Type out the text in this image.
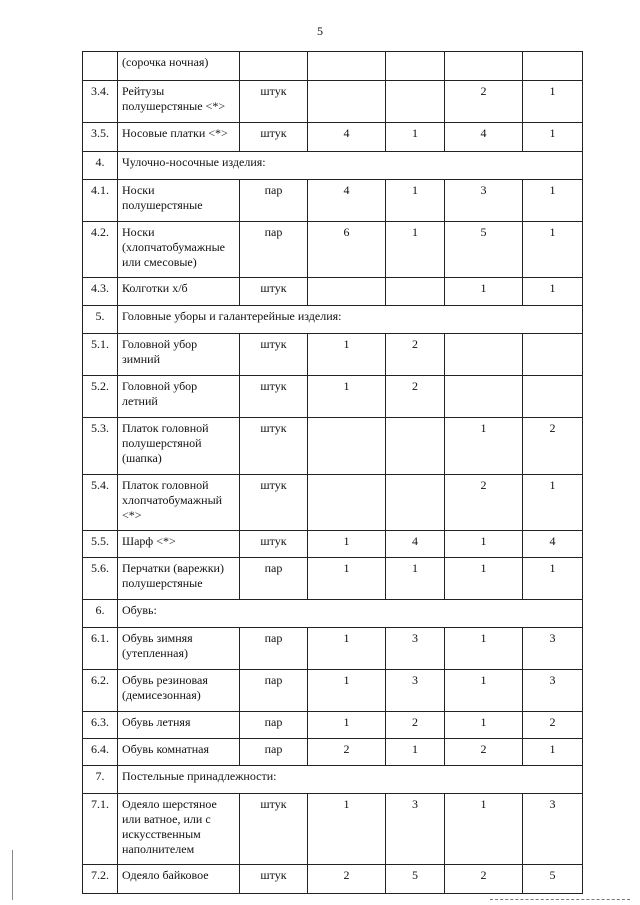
5
	(сорочка ночная)					
3.4.	Рейтузы полушерстяные <*>	штук			2	1
3.5.	Носовые платки <*>	штук	4	1	4	1
4.	Чулочно-носочные изделия:					
4.1.	Носки полушерстяные	пар	4	1	3	1
4.2.	Носки (хлопчатобумажные или смесовые)	пар	6	1	5	1
4.3.	Колготки х/б	штук			1	1
5.	Головные уборы и галантерейные изделия:					
5.1.	Головной убор зимний	штук	1	2		
5.2.	Головной убор летний	штук	1	2		
5.3.	Платок головной полушерстяной (шапка)	штук			1	2
5.4.	Платок головной хлопчатобумажный <*>	штук			2	1
5.5.	Шарф <*>	штук	1	4	1	4
5.6.	Перчатки (варежки) полушерстяные	пар	1	1	1	1
6.	Обувь:					
6.1.	Обувь зимняя (утепленная)	пар	1	3	1	3
6.2.	Обувь резиновая (демисезонная)	пар	1	3	1	3
6.3.	Обувь летняя	пар	1	2	1	2
6.4.	Обувь комнатная	пар	2	1	2	1
7.	Постельные принадлежности:					
7.1.	Одеяло шерстяное или ватное, или с искусственным наполнителем	штук	1	3	1	3
7.2.	Одеяло байковое	штук	2	5	2	5
